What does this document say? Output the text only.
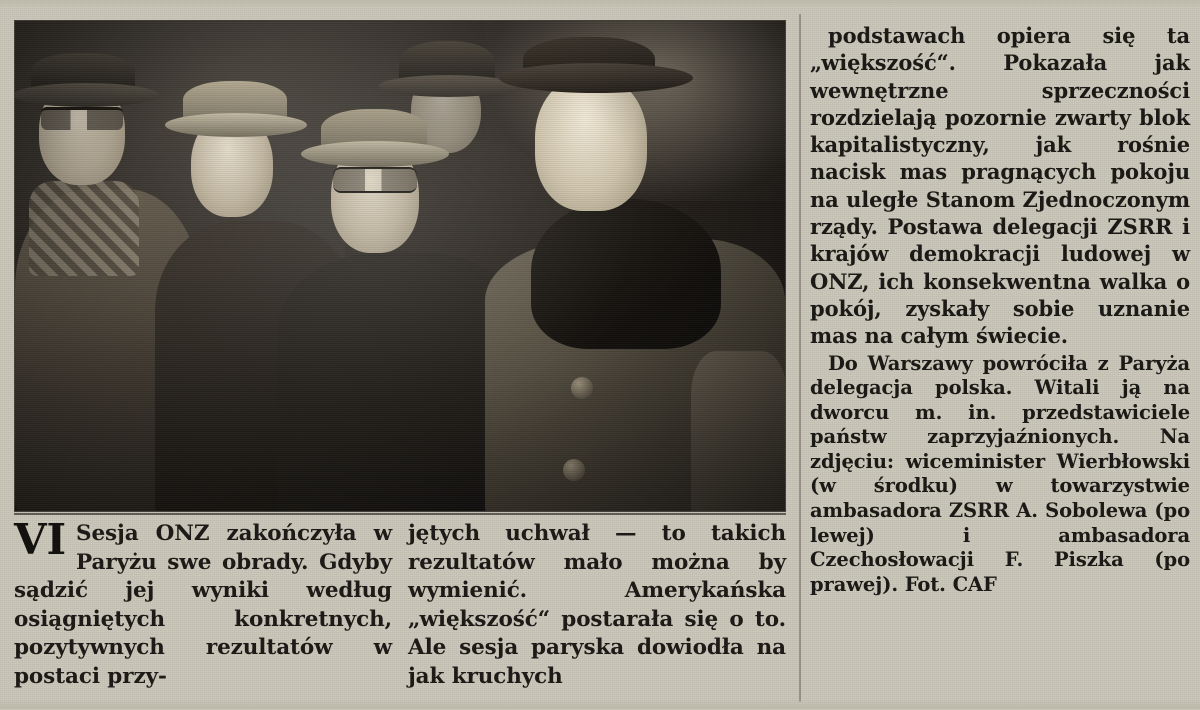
VI Sesja ONZ zakończyła w Paryżu swe obrady. Gdyby sądzić jej wyniki według osiągniętych konkretnych, pozytywnych rezultatów w postaci przy-

jętych uchwał — to takich rezultatów mało można by wymienić. Amerykańska „większość“ postarała się o to. Ale sesja paryska dowiodła na jak kruchych

podstawach opiera się ta „większość“. Pokazała jak wewnętrzne sprzeczności rozdzielają pozornie zwarty blok kapitalistyczny, jak rośnie nacisk mas pragnących pokoju na uległe Stanom Zjednoczonym rządy. Postawa delegacji ZSRR i krajów demokracji ludowej w ONZ, ich konsekwentna walka o pokój, zyskały sobie uznanie mas na całym świecie.

Do Warszawy powróciła z Paryża delegacja polska. Witali ją na dworcu m. in. przedstawiciele państw zaprzyjaźnionych. Na zdjęciu: wiceminister Wierbłowski (w środku) w towarzystwie ambasadora ZSRR A. Sobolewa (po lewej) i ambasadora Czechosłowacji F. Piszka (po prawej). Fot. CAF
